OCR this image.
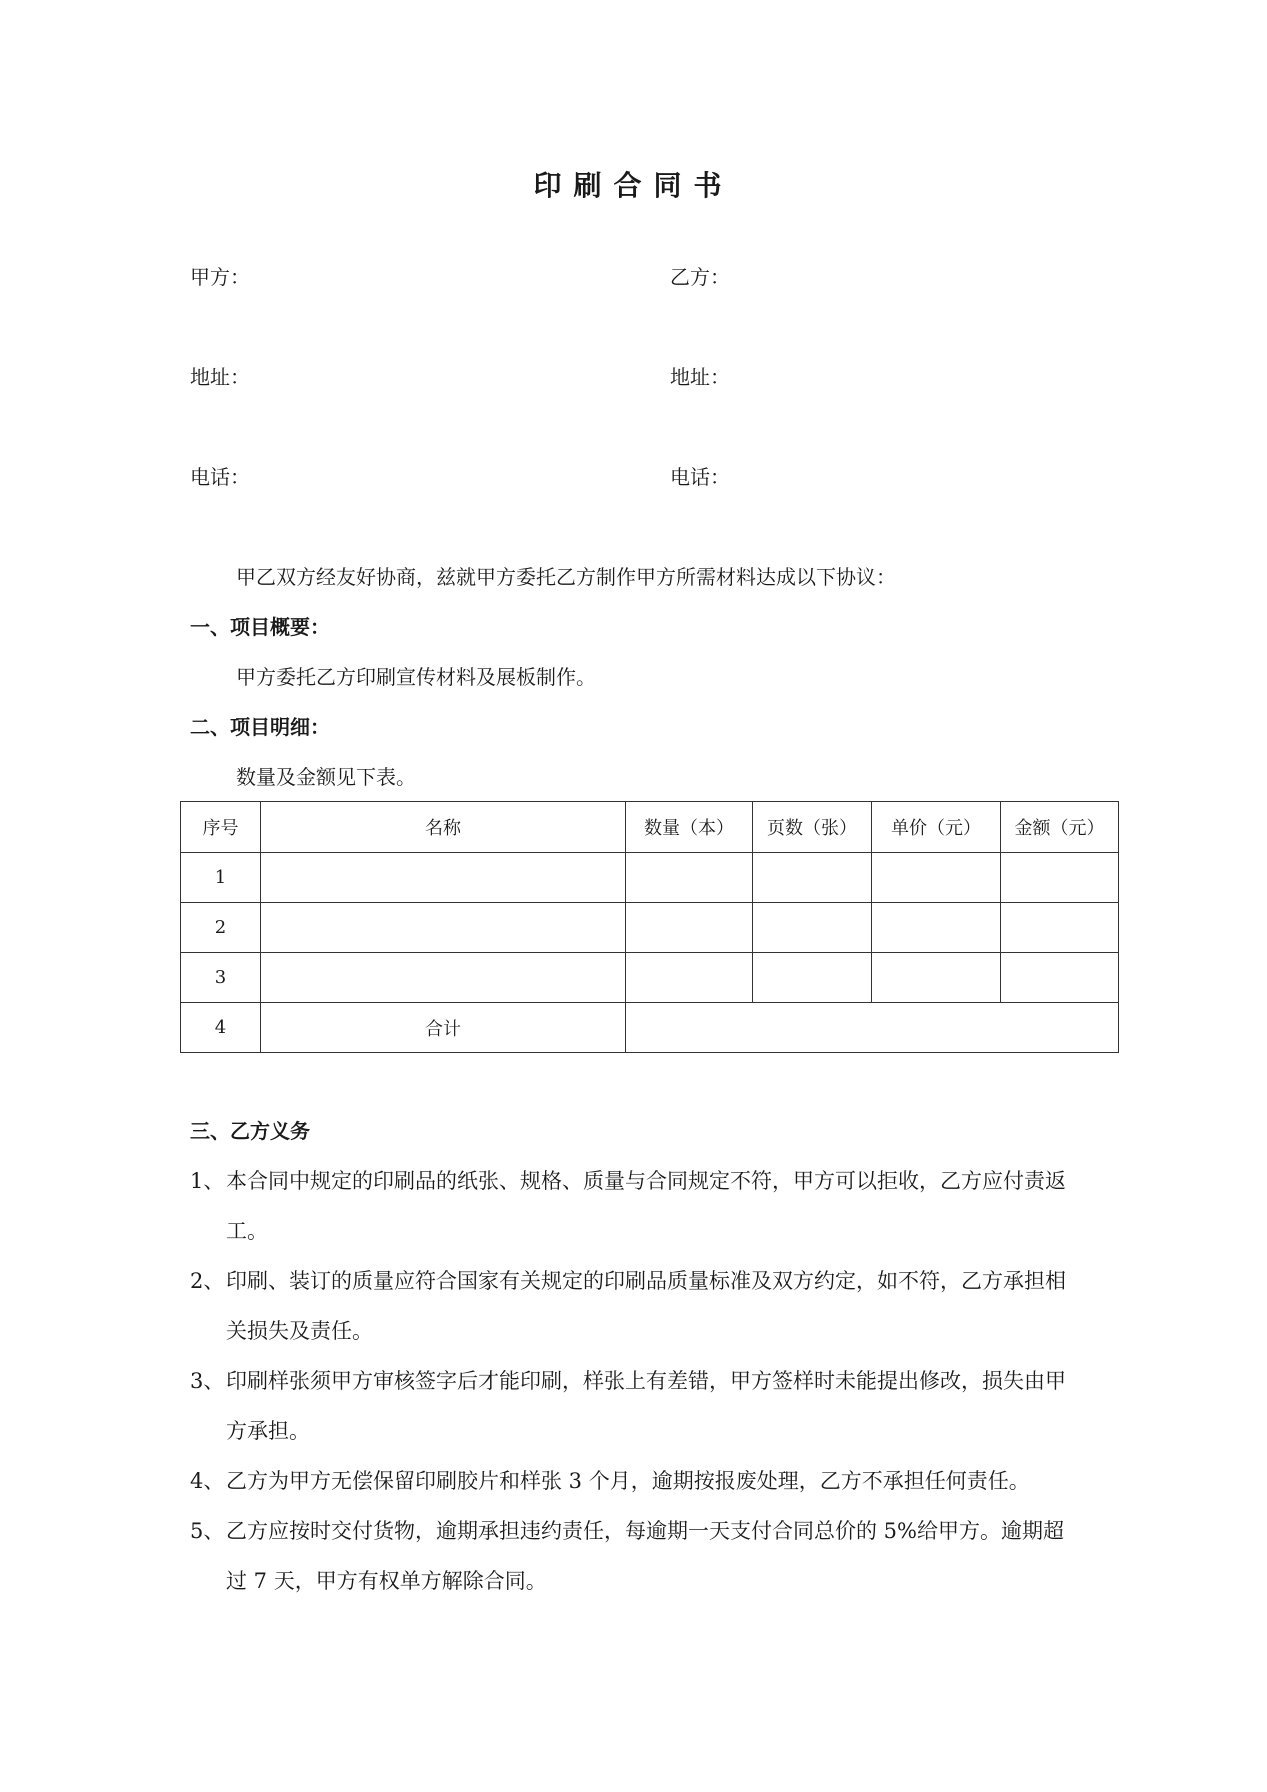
印刷合同书
甲方：	乙方：
地址：	地址：
电话：	电话：
甲乙双方经友好协商，兹就甲方委托乙方制作甲方所需材料达成以下协议：
一、项目概要：
甲方委托乙方印刷宣传材料及展板制作。
二、项目明细：
数量及金额见下表。
序号	名称	数量（本）	页数（张）	单价（元）	金额（元）
1					
2					
3					
4	合计				
三、乙方义务
1、 本合同中规定的印刷品的纸张、规格、质量与合同规定不符，甲方可以拒收，乙方应付责返工。
2、 印刷、装订的质量应符合国家有关规定的印刷品质量标准及双方约定，如不符，乙方承担相关损失及责任。
3、 印刷样张须甲方审核签字后才能印刷，样张上有差错，甲方签样时未能提出修改，损失由甲方承担。
4、 乙方为甲方无偿保留印刷胶片和样张 3 个月，逾期按报废处理，乙方不承担任何责任。
5、 乙方应按时交付货物，逾期承担违约责任，每逾期一天支付合同总价的 5%给甲方。逾期超过 7 天，甲方有权单方解除合同。
